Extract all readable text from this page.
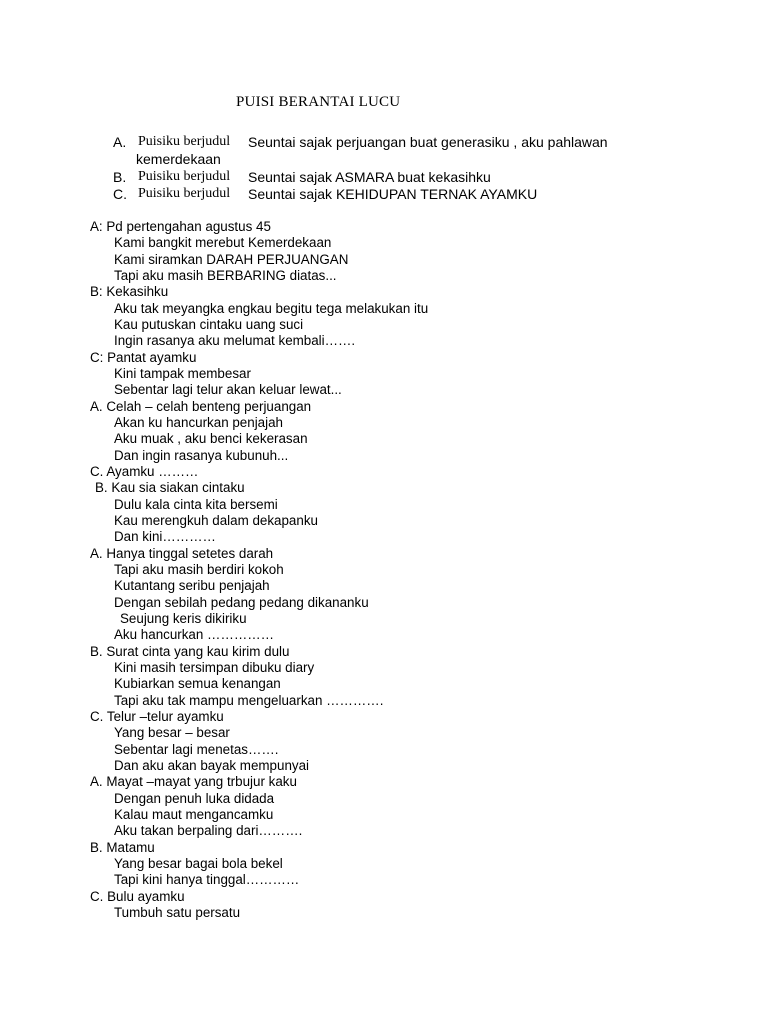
PUISI BERANTAI LUCU
A. Puisiku berjudul Seuntai sajak perjuangan buat generasiku , aku pahlawan
kemerdekaan
B. Puisiku berjudul Seuntai sajak ASMARA buat kekasihku
C. Puisiku berjudul Seuntai sajak KEHIDUPAN TERNAK AYAMKU
A: Pd pertengahan agustus 45
Kami bangkit merebut Kemerdekaan
Kami siramkan DARAH PERJUANGAN
Tapi aku masih BERBARING diatas...
B: Kekasihku
Aku tak meyangka engkau begitu tega melakukan itu
Kau putuskan cintaku uang suci
Ingin rasanya aku melumat kembali…….
C: Pantat ayamku
Kini tampak membesar
Sebentar lagi telur akan keluar lewat...
A. Celah – celah benteng perjuangan
Akan ku hancurkan penjajah
Aku muak , aku benci kekerasan
Dan ingin rasanya kubunuh...
C. Ayamku ………
B. Kau sia siakan cintaku
Dulu kala cinta kita bersemi
Kau merengkuh dalam dekapanku
Dan kini…………
A. Hanya tinggal setetes darah
Tapi aku masih berdiri kokoh
Kutantang seribu penjajah
Dengan sebilah pedang pedang dikananku
Seujung keris dikiriku
Aku hancurkan ……………
B. Surat cinta yang kau kirim dulu
Kini masih tersimpan dibuku diary
Kubiarkan semua kenangan
Tapi aku tak mampu mengeluarkan ………….
C. Telur –telur ayamku
Yang besar – besar
Sebentar lagi menetas…….
Dan aku akan bayak mempunyai
A. Mayat –mayat yang trbujur kaku
Dengan penuh luka didada
Kalau maut mengancamku
Aku takan berpaling dari……….
B. Matamu
Yang besar bagai bola bekel
Tapi kini hanya tinggal…………
C. Bulu ayamku
Tumbuh satu persatu
